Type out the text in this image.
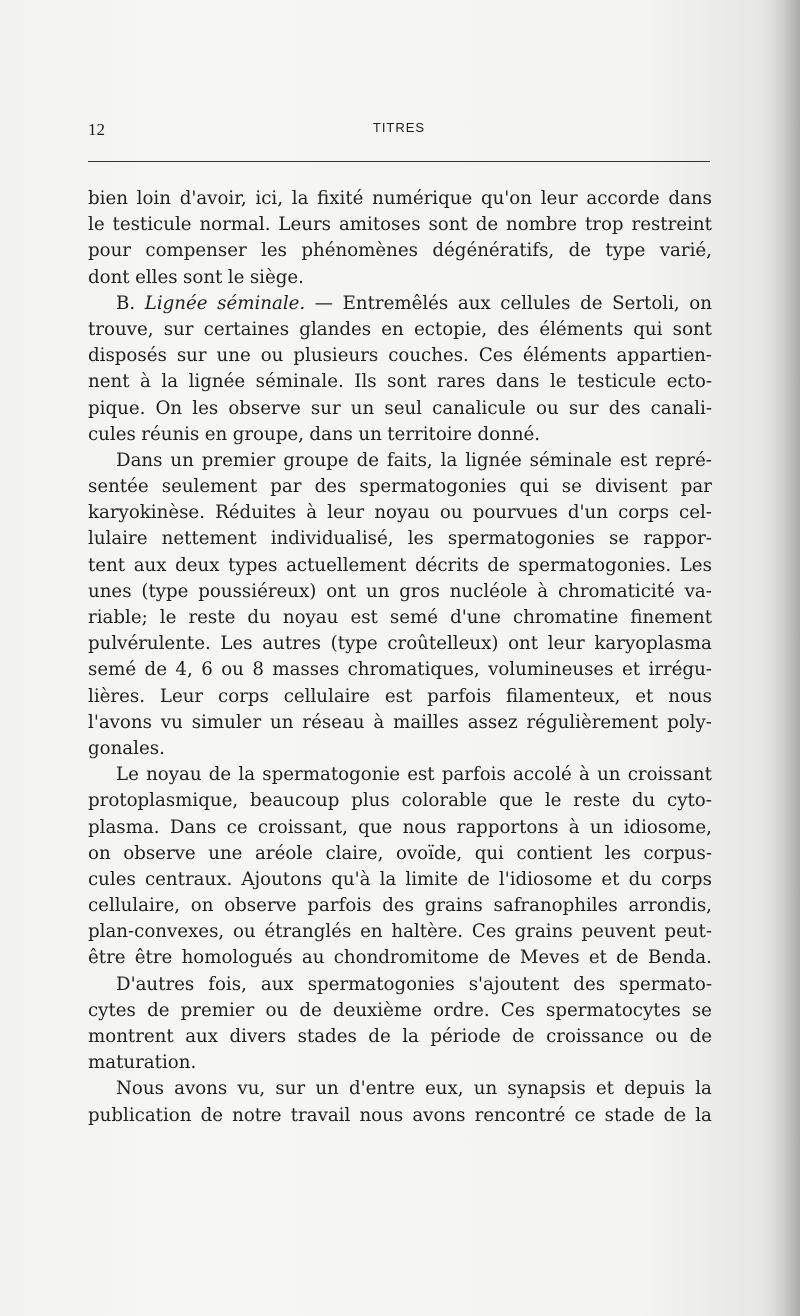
12	TITRES
bien loin d'avoir, ici, la fixité numérique qu'on leur accorde dans
le testicule normal. Leurs amitoses sont de nombre trop restreint
pour compenser les phénomènes dégénératifs, de type varié,
dont elles sont le siège.
B. Lignée séminale. — Entremêlés aux cellules de Sertoli, on
trouve, sur certaines glandes en ectopie, des éléments qui sont
disposés sur une ou plusieurs couches. Ces éléments appartien-
nent à la lignée séminale. Ils sont rares dans le testicule ecto-
pique. On les observe sur un seul canalicule ou sur des canali-
cules réunis en groupe, dans un territoire donné.
Dans un premier groupe de faits, la lignée séminale est repré-
sentée seulement par des spermatogonies qui se divisent par
karyokinèse. Réduites à leur noyau ou pourvues d'un corps cel-
lulaire nettement individualisé, les spermatogonies se rappor-
tent aux deux types actuellement décrits de spermatogonies. Les
unes (type poussiéreux) ont un gros nucléole à chromaticité va-
riable; le reste du noyau est semé d'une chromatine finement
pulvérulente. Les autres (type croûtelleux) ont leur karyoplasma
semé de 4, 6 ou 8 masses chromatiques, volumineuses et irrégu-
lières. Leur corps cellulaire est parfois filamenteux, et nous
l'avons vu simuler un réseau à mailles assez régulièrement poly-
gonales.
Le noyau de la spermatogonie est parfois accolé à un croissant
protoplasmique, beaucoup plus colorable que le reste du cyto-
plasma. Dans ce croissant, que nous rapportons à un idiosome,
on observe une aréole claire, ovoïde, qui contient les corpus-
cules centraux. Ajoutons qu'à la limite de l'idiosome et du corps
cellulaire, on observe parfois des grains safranophiles arrondis,
plan-convexes, ou étranglés en haltère. Ces grains peuvent peut-
être être homologués au chondromitome de Meves et de Benda.
D'autres fois, aux spermatogonies s'ajoutent des spermato-
cytes de premier ou de deuxième ordre. Ces spermatocytes se
montrent aux divers stades de la période de croissance ou de
maturation.
Nous avons vu, sur un d'entre eux, un synapsis et depuis la
publication de notre travail nous avons rencontré ce stade de la
